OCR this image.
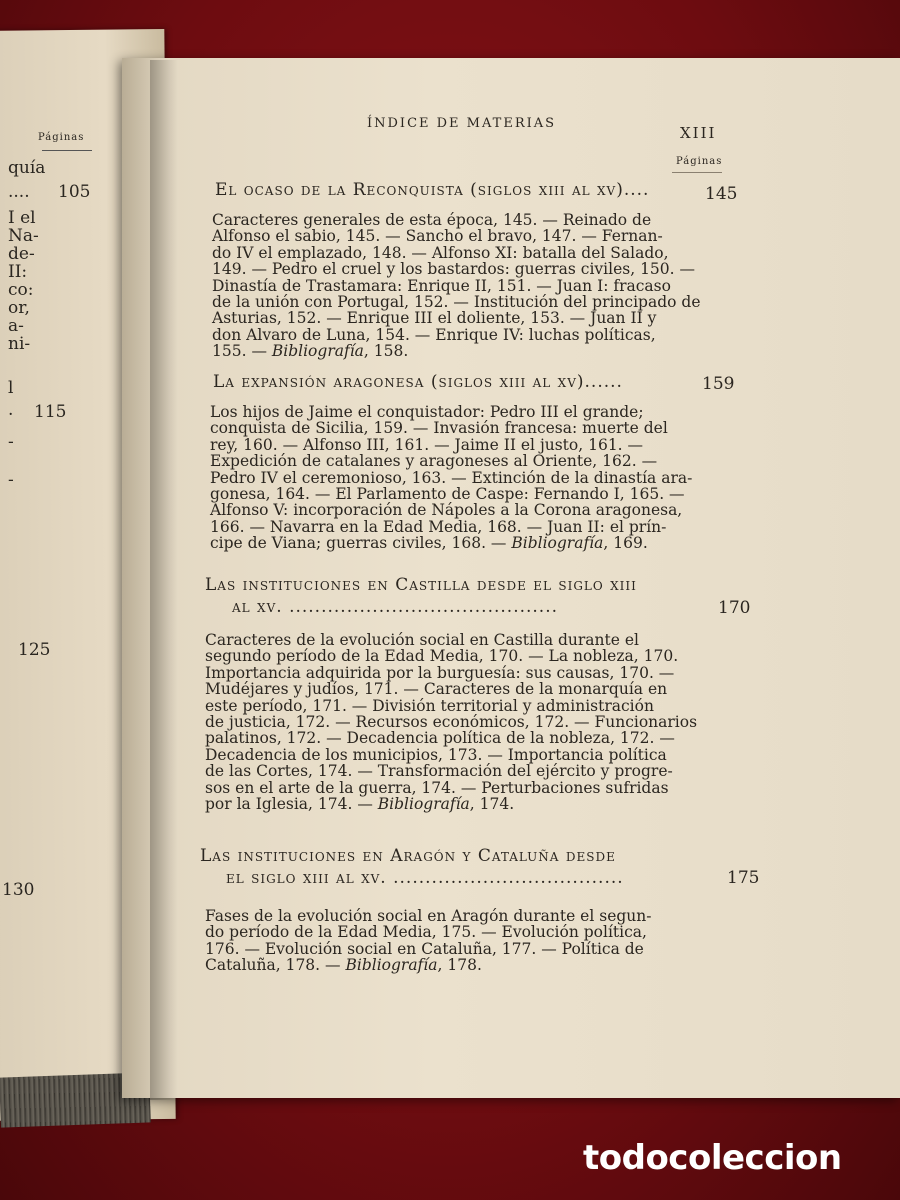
Páginas
quía
.... 105
I el
Na-
de-
II:
co:
or,
a-
ni-
l
. 115
-
-
125
130
ÍNDICE DE MATERIAS
XIII
Páginas
El ocaso de la Reconquista (siglos xiii al xv)....	145
Caracteres generales de esta época, 145. — Reinado de
Alfonso el sabio, 145. — Sancho el bravo, 147. — Fernan-
do IV el emplazado, 148. — Alfonso XI: batalla del Salado,
149. — Pedro el cruel y los bastardos: guerras civiles, 150. —
Dinastía de Trastamara: Enrique II, 151. — Juan I: fracaso
de la unión con Portugal, 152. — Institución del principado de
Asturias, 152. — Enrique III el doliente, 153. — Juan II y
don Alvaro de Luna, 154. — Enrique IV: luchas políticas,
155. — Bibliografía, 158.
La expansión aragonesa (siglos xiii al xv)......	159
Los hijos de Jaime el conquistador: Pedro III el grande;
conquista de Sicilia, 159. — Invasión francesa: muerte del
rey, 160. — Alfonso III, 161. — Jaime II el justo, 161. —
Expedición de catalanes y aragoneses al Oriente, 162. —
Pedro IV el ceremonioso, 163. — Extinción de la dinastía ara-
gonesa, 164. — El Parlamento de Caspe: Fernando I, 165. —
Alfonso V: incorporación de Nápoles a la Corona aragonesa,
166. — Navarra en la Edad Media, 168. — Juan II: el prín-
cipe de Viana; guerras civiles, 168. — Bibliografía, 169.
Las instituciones en Castilla desde el siglo xiii
al xv. ..........................................	170
Caracteres de la evolución social en Castilla durante el
segundo período de la Edad Media, 170. — La nobleza, 170.
Importancia adquirida por la burguesía: sus causas, 170. —
Mudéjares y judíos, 171. — Caracteres de la monarquía en
este período, 171. — División territorial y administración
de justicia, 172. — Recursos económicos, 172. — Funcionarios
palatinos, 172. — Decadencia política de la nobleza, 172. —
Decadencia de los municipios, 173. — Importancia política
de las Cortes, 174. — Transformación del ejército y progre-
sos en el arte de la guerra, 174. — Perturbaciones sufridas
por la Iglesia, 174. — Bibliografía, 174.
Las instituciones en Aragón y Cataluña desde
el siglo xiii al xv. ....................................	175
Fases de la evolución social en Aragón durante el segun-
do período de la Edad Media, 175. — Evolución política,
176. — Evolución social en Cataluña, 177. — Política de
Cataluña, 178. — Bibliografía, 178.
todocoleccion
